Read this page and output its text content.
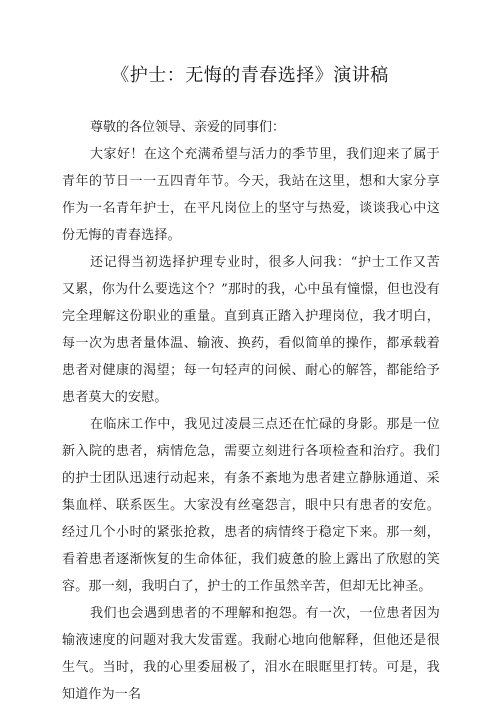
《护士：无悔的青春选择》演讲稿

尊敬的各位领导、亲爱的同事们：

大家好！在这个充满希望与活力的季节里，我们迎来了属于青年的节日一一五四青年节。今天，我站在这里，想和大家分享作为一名青年护士，在平凡岗位上的坚守与热爱，谈谈我心中这份无悔的青春选择。

还记得当初选择护理专业时，很多人问我：“护士工作又苦又累，你为什么要选这个？”那时的我，心中虽有憧憬，但也没有完全理解这份职业的重量。直到真正踏入护理岗位，我才明白，每一次为患者量体温、输液、换药，看似简单的操作，都承载着患者对健康的渴望；每一句轻声的问候、耐心的解答，都能给予患者莫大的安慰。

在临床工作中，我见过凌晨三点还在忙碌的身影。那是一位新入院的患者，病情危急，需要立刻进行各项检查和治疗。我们的护士团队迅速行动起来，有条不紊地为患者建立静脉通道、采集血样、联系医生。大家没有丝毫怨言，眼中只有患者的安危。经过几个小时的紧张抢救，患者的病情终于稳定下来。那一刻，看着患者逐渐恢复的生命体征，我们疲惫的脸上露出了欣慰的笑容。那一刻，我明白了，护士的工作虽然辛苦，但却无比神圣。

我们也会遇到患者的不理解和抱怨。有一次，一位患者因为输液速度的问题对我大发雷霆。我耐心地向他解释，但他还是很生气。当时，我的心里委屈极了，泪水在眼眶里打转。可是，我知道作为一名
